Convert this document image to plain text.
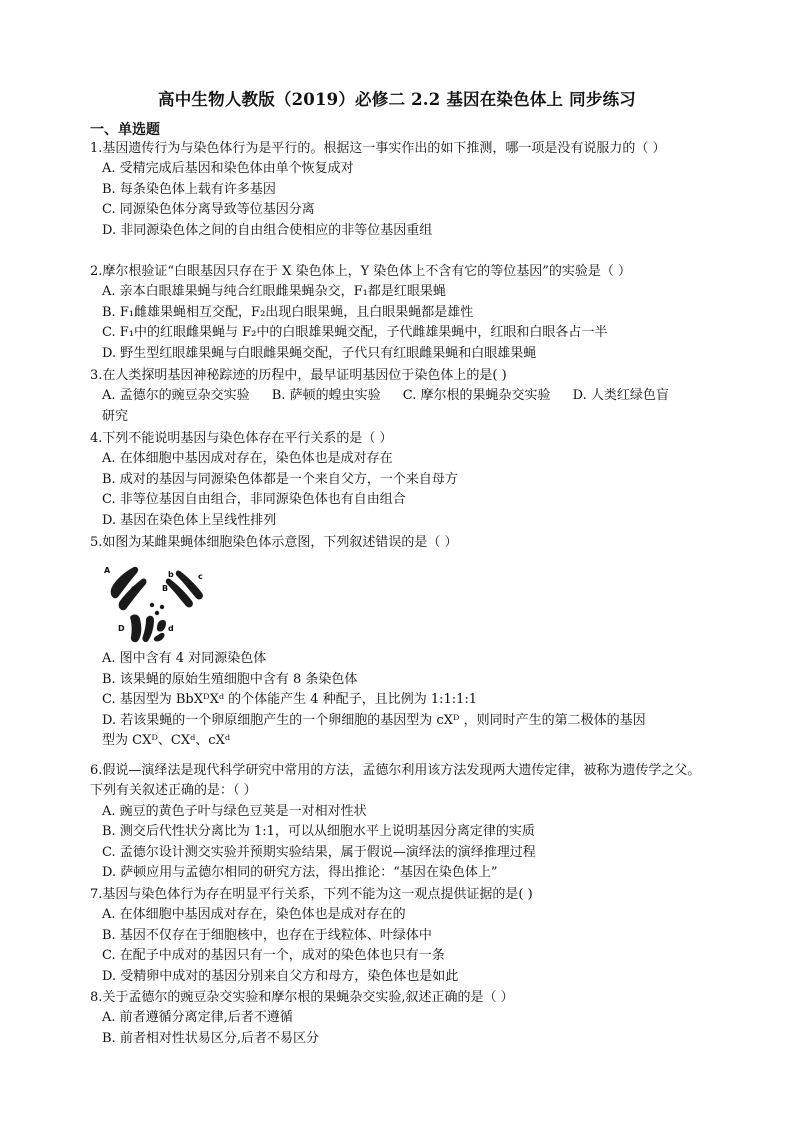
高中生物人教版（2019）必修二 2.2 基因在染色体上 同步练习
一、单选题

1.基因遗传行为与染色体行为是平行的。根据这一事实作出的如下推测，哪一项是没有说服力的（ ）

A. 受精完成后基因和染色体由单个恢复成对

B. 每条染色体上载有许多基因

C. 同源染色体分离导致等位基因分离

D. 非同源染色体之间的自由组合使相应的非等位基因重组

2.摩尔根验证“白眼基因只存在于 X 染色体上，Y 染色体上不含有它的等位基因”的实验是（ ）

A. 亲本白眼雄果蝇与纯合红眼雌果蝇杂交，F₁都是红眼果蝇

B. F₁雌雄果蝇相互交配，F₂出现白眼果蝇，且白眼果蝇都是雄性

C. F₁中的红眼雌果蝇与 F₂中的白眼雄果蝇交配，子代雌雄果蝇中，红眼和白眼各占一半

D. 野生型红眼雄果蝇与白眼雌果蝇交配，子代只有红眼雌果蝇和白眼雄果蝇

3.在人类探明基因神秘踪迹的历程中，最早证明基因位于染色体上的是( )

A. 孟德尔的豌豆杂交实验 B. 萨顿的蝗虫实验 C. 摩尔根的果蝇杂交实验 D. 人类红绿色盲

研究

4.下列不能说明基因与染色体存在平行关系的是（ ）

A. 在体细胞中基因成对存在，染色体也是成对存在

B. 成对的基因与同源染色体都是一个来自父方，一个来自母方

C. 非等位基因自由组合，非同源染色体也有自由组合

D. 基因在染色体上呈线性排列

5.如图为某雌果蝇体细胞染色体示意图，下列叙述错误的是（ ）

A
a	B
b
C
c
D	d

A. 图中含有 4 对同源染色体

B. 该果蝇的原始生殖细胞中含有 8 条染色体

C. 基因型为 BbXᴰXᵈ 的个体能产生 4 种配子，且比例为 1:1:1:1

D. 若该果蝇的一个卵原细胞产生的一个卵细胞的基因型为 cXᴰ ，则同时产生的第二极体的基因

型为 CXᴰ、CXᵈ、cXᵈ

6.假说—演绎法是现代科学研究中常用的方法，孟德尔利用该方法发现两大遗传定律，被称为遗传学之父。下列有关叙述正确的是：（ ）

A. 豌豆的黄色子叶与绿色豆荚是一对相对性状

B. 测交后代性状分离比为 1:1，可以从细胞水平上说明基因分离定律的实质

C. 孟德尔设计测交实验并预期实验结果，属于假说—演绎法的演绎推理过程

D. 萨顿应用与孟德尔相同的研究方法，得出推论：“基因在染色体上”

7.基因与染色体行为存在明显平行关系，下列不能为这一观点提供证据的是( )

A. 在体细胞中基因成对存在，染色体也是成对存在的

B. 基因不仅存在于细胞核中，也存在于线粒体、叶绿体中

C. 在配子中成对的基因只有一个，成对的染色体也只有一条

D. 受精卵中成对的基因分别来自父方和母方，染色体也是如此

8.关于孟德尔的豌豆杂交实验和摩尔根的果蝇杂交实验,叙述正确的是（ ）

A. 前者遵循分离定律,后者不遵循

B. 前者相对性状易区分,后者不易区分
